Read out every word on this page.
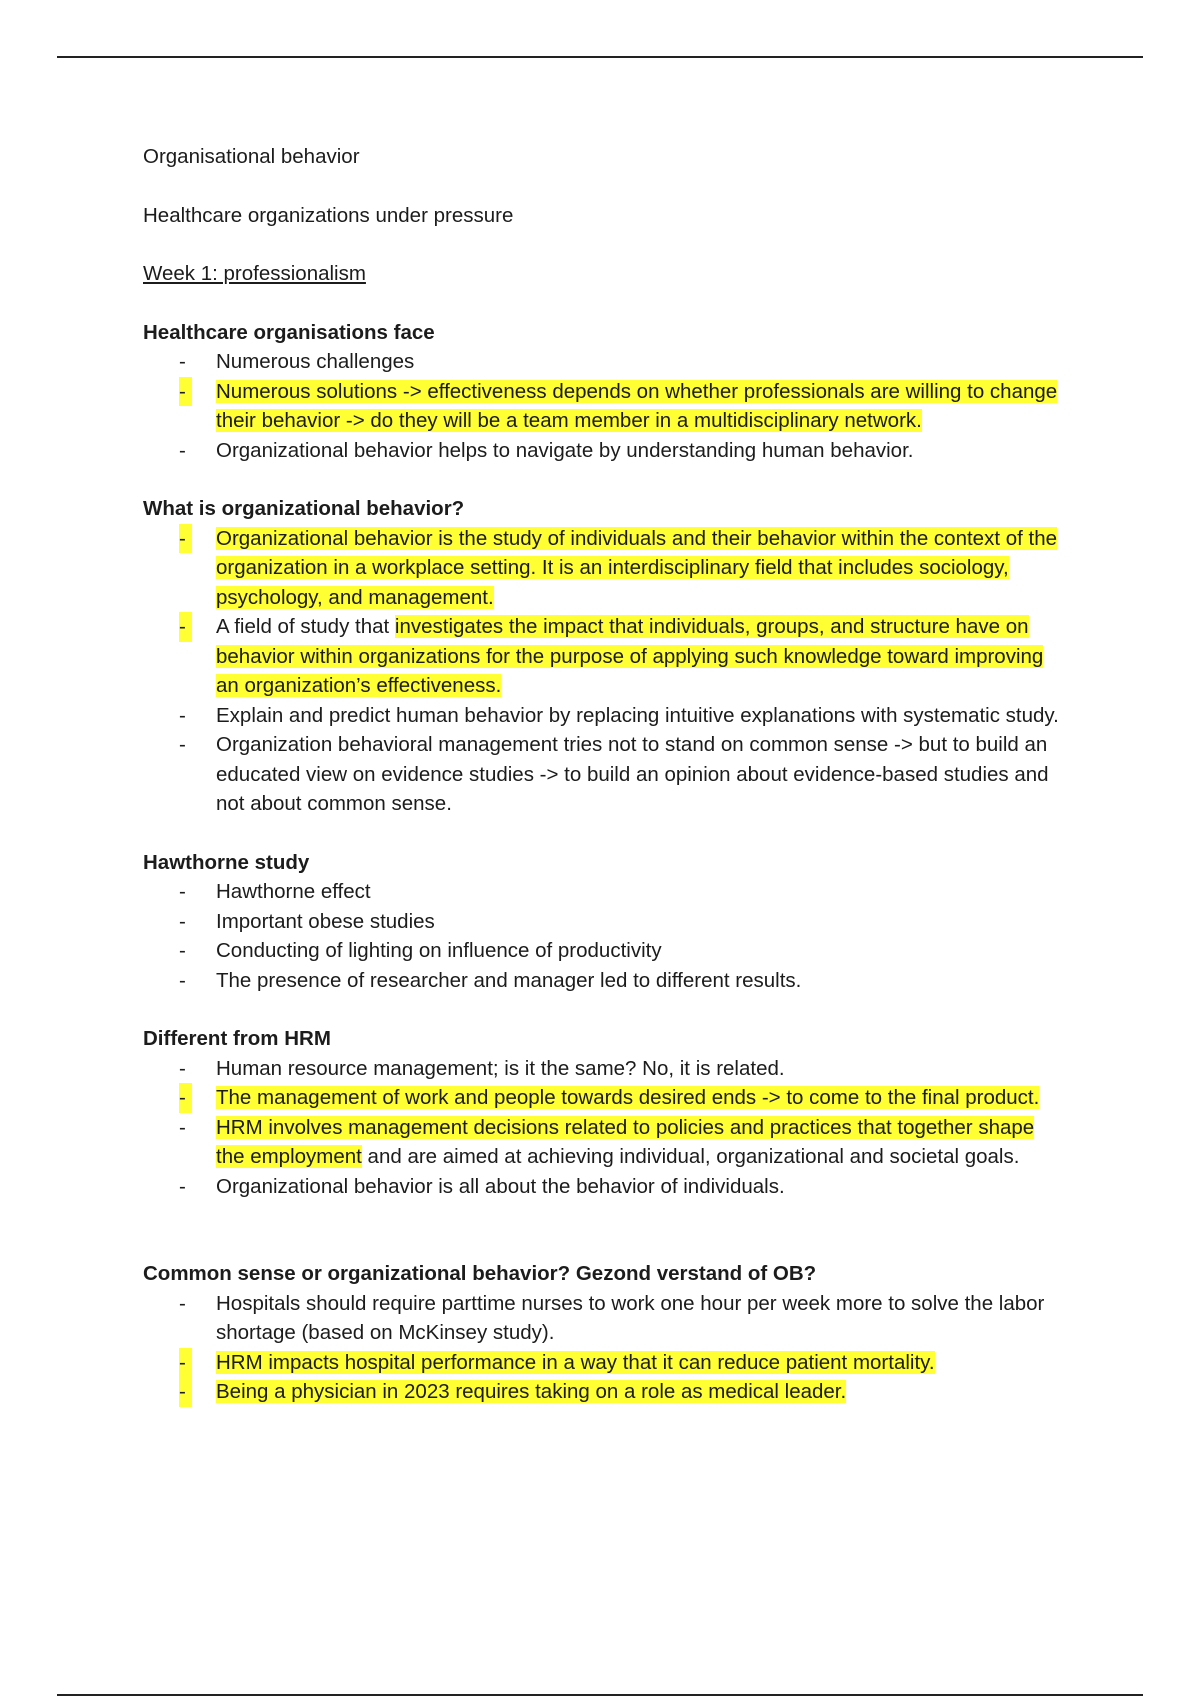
Organisational behavior

Healthcare organizations under pressure

Week 1: professionalism

Healthcare organisations face

-	Numerous challenges
-	Numerous solutions -> effectiveness depends on whether professionals are willing to change their behavior -> do they will be a team member in a multidisciplinary network.
-	Organizational behavior helps to navigate by understanding human behavior.

What is organizational behavior?

-	Organizational behavior is the study of individuals and their behavior within the context of the organization in a workplace setting. It is an interdisciplinary field that includes sociology, psychology, and management.
-	A field of study that investigates the impact that individuals, groups, and structure have on behavior within organizations for the purpose of applying such knowledge toward improving an organization’s effectiveness.
-	Explain and predict human behavior by replacing intuitive explanations with systematic study.
-	Organization behavioral management tries not to stand on common sense -> but to build an educated view on evidence studies -> to build an opinion about evidence-based studies and not about common sense.

Hawthorne study

-	Hawthorne effect
-	Important obese studies
-	Conducting of lighting on influence of productivity
-	The presence of researcher and manager led to different results.

Different from HRM

-	Human resource management; is it the same? No, it is related.
-	The management of work and people towards desired ends -> to come to the final product.
-	HRM involves management decisions related to policies and practices that together shape the employment and are aimed at achieving individual, organizational and societal goals.
-	Organizational behavior is all about the behavior of individuals.

Common sense or organizational behavior? Gezond verstand of OB?

-	Hospitals should require parttime nurses to work one hour per week more to solve the labor shortage (based on McKinsey study).
-	HRM impacts hospital performance in a way that it can reduce patient mortality.
-	Being a physician in 2023 requires taking on a role as medical leader.
